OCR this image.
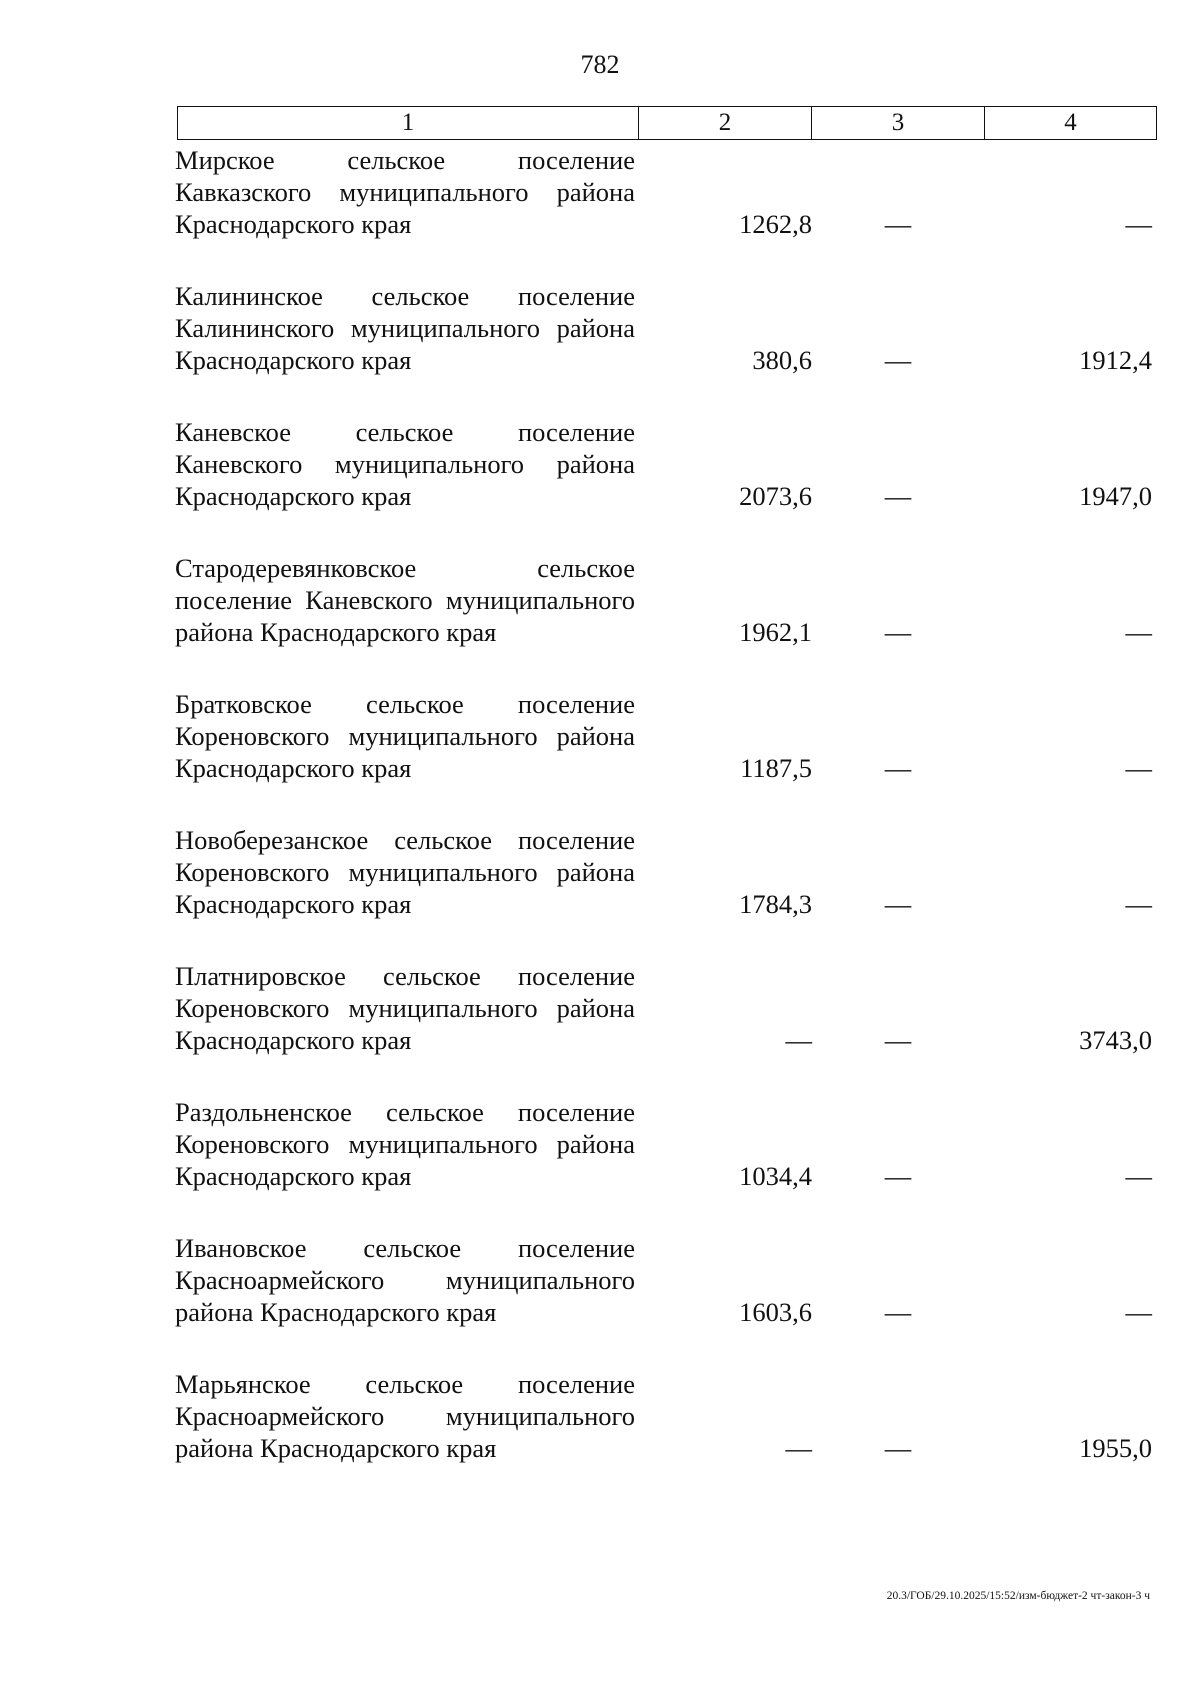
782
1	2	3	4
Мирское сельское поселение Кавказского муниципального района Краснодарского края	1262,8	—	—
Калининское сельское поселение Калининского муниципального района Краснодарского края	380,6	—	1912,4
Каневское сельское поселение Каневского муниципального района Краснодарского края	2073,6	—	1947,0
Стародеревянковское сельское поселение Каневского муниципального района Краснодарского края	1962,1	—	—
Братковское сельское поселение Кореновского муниципального района Краснодарского края	1187,5	—	—
Новоберезанское сельское поселение Кореновского муниципального района Краснодарского края	1784,3	—	—
Платнировское сельское поселение Кореновского муниципального района Краснодарского края	—	—	3743,0
Раздольненское сельское поселение Кореновского муниципального района Краснодарского края	1034,4	—	—
Ивановское сельское поселение Красноармейского муниципального района Краснодарского края	1603,6	—	—
Марьянское сельское поселение Красноармейского муниципального района Краснодарского края	—	—	1955,0
20.3/ГОБ/29.10.2025/15:52/изм-бюджет-2 чт-закон-3 ч
